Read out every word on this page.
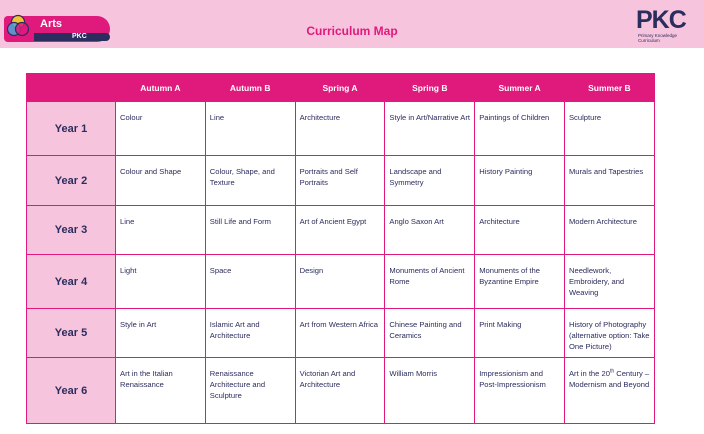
Arts
PKC	Curriculum Map	PKC
Primary Knowledge
Curriculum
	Autumn A	Autumn B	Spring A	Spring B	Summer A	Summer B
Year 1	Colour	Line	Architecture	Style in Art/Narrative Art	Paintings of Children	Sculpture
Year 2	Colour and Shape	Colour, Shape, and Texture	Portraits and Self Portraits	Landscape and Symmetry	History Painting	Murals and Tapestries
Year 3	Line	Still Life and Form	Art of Ancient Egypt	Anglo Saxon Art	Architecture	Modern Architecture
Year 4	Light	Space	Design	Monuments of Ancient Rome	Monuments of the Byzantine Empire	Needlework, Embroidery, and Weaving
Year 5	Style in Art	Islamic Art and Architecture	Art from Western Africa	Chinese Painting and Ceramics	Print Making	History of Photography (alternative option: Take One Picture)
Year 6	Art in the Italian Renaissance	Renaissance Architecture and Sculpture	Victorian Art and Architecture	William Morris	Impressionism and Post-Impressionism	Art in the 20th Century – Modernism and Beyond
